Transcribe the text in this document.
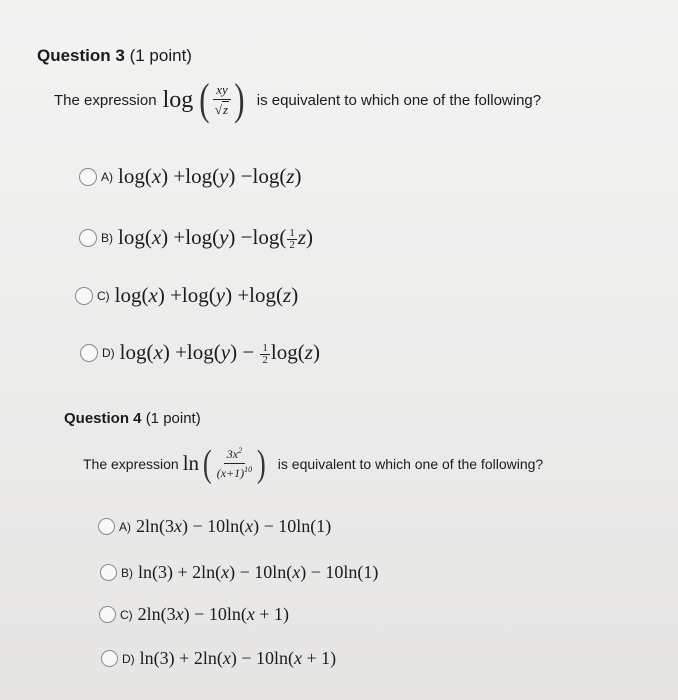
Question 3 (1 point)
The expression log ( $\frac{xy}{√ z}$ ) is equivalent to which one of the following?
A) log(x) +log(y) −log(z)
B) $\log(x) +\log(y) -\log( \frac{1}{2} z)$
C) log(x) +log(y) +log(z)
D) $\log(x) +\log(y) - \frac{1}{2} \log(z)$
Question 4 (1 point)
The expression ln ( $\frac{3x^2}{(x+1)^{10}}$ ) is equivalent to which one of the following?
A) 2ln(3x) − 10ln(x) − 10ln(1)
B) ln(3) + 2ln(x) − 10ln(x) − 10ln(1)
C) 2ln(3x) − 10ln(x + 1)
D) ln(3) + 2ln(x) − 10ln(x + 1)
